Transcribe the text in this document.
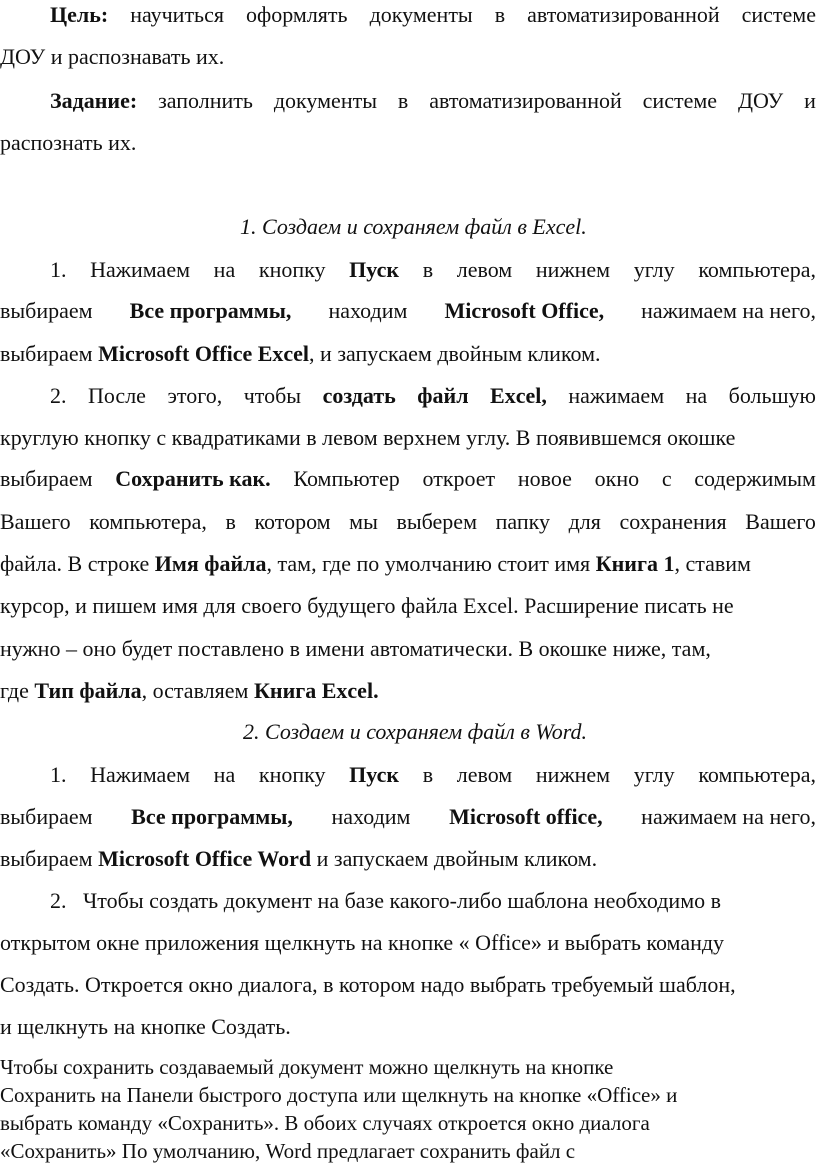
Цель: научиться оформлять документы в автоматизированной системе
ДОУ и распознавать их.
Задание: заполнить документы в автоматизированной системе ДОУ и
распознать их.
1. Создаем и сохраняем файл в Excel.
1. Нажимаем на кнопку Пуск в левом нижнем углу компьютера,
выбираем Все программы, находим Microsoft Office, нажимаем на него,
выбираем Microsoft Office Excel, и запускаем двойным кликом.
2. После этого, чтобы создать файл Excel, нажимаем на большую
круглую кнопку с квадратиками в левом верхнем углу. В появившемся окошке
выбираем Сохранить как. Компьютер откроет новое окно с содержимым
Вашего компьютера, в котором мы выберем папку для сохранения Вашего
файла. В строке Имя файла, там, где по умолчанию стоит имя Книга 1, ставим
курсор, и пишем имя для своего будущего файла Excel. Расширение писать не
нужно – оно будет поставлено в имени автоматически. В окошке ниже, там,
где Тип файла, оставляем Книга Excel.
2. Создаем и сохраняем файл в Word.
1. Нажимаем на кнопку Пуск в левом нижнем углу компьютера,
выбираем Все программы, находим Microsoft office, нажимаем на него,
выбираем Microsoft Office Word и запускаем двойным кликом.
2.   Чтобы создать документ на базе какого-либо шаблона необходимо в
открытом окне приложения щелкнуть на кнопке « Office» и выбрать команду
Создать. Откроется окно диалога, в котором надо выбрать требуемый шаблон,
и щелкнуть на кнопке Создать.
Чтобы сохранить создаваемый документ можно щелкнуть на кнопке
Сохранить на Панели быстрого доступа или щелкнуть на кнопке «Office» и
выбрать команду «Сохранить». В обоих случаях откроется окно диалога
«Сохранить» По умолчанию, Word предлагает сохранить файл с
